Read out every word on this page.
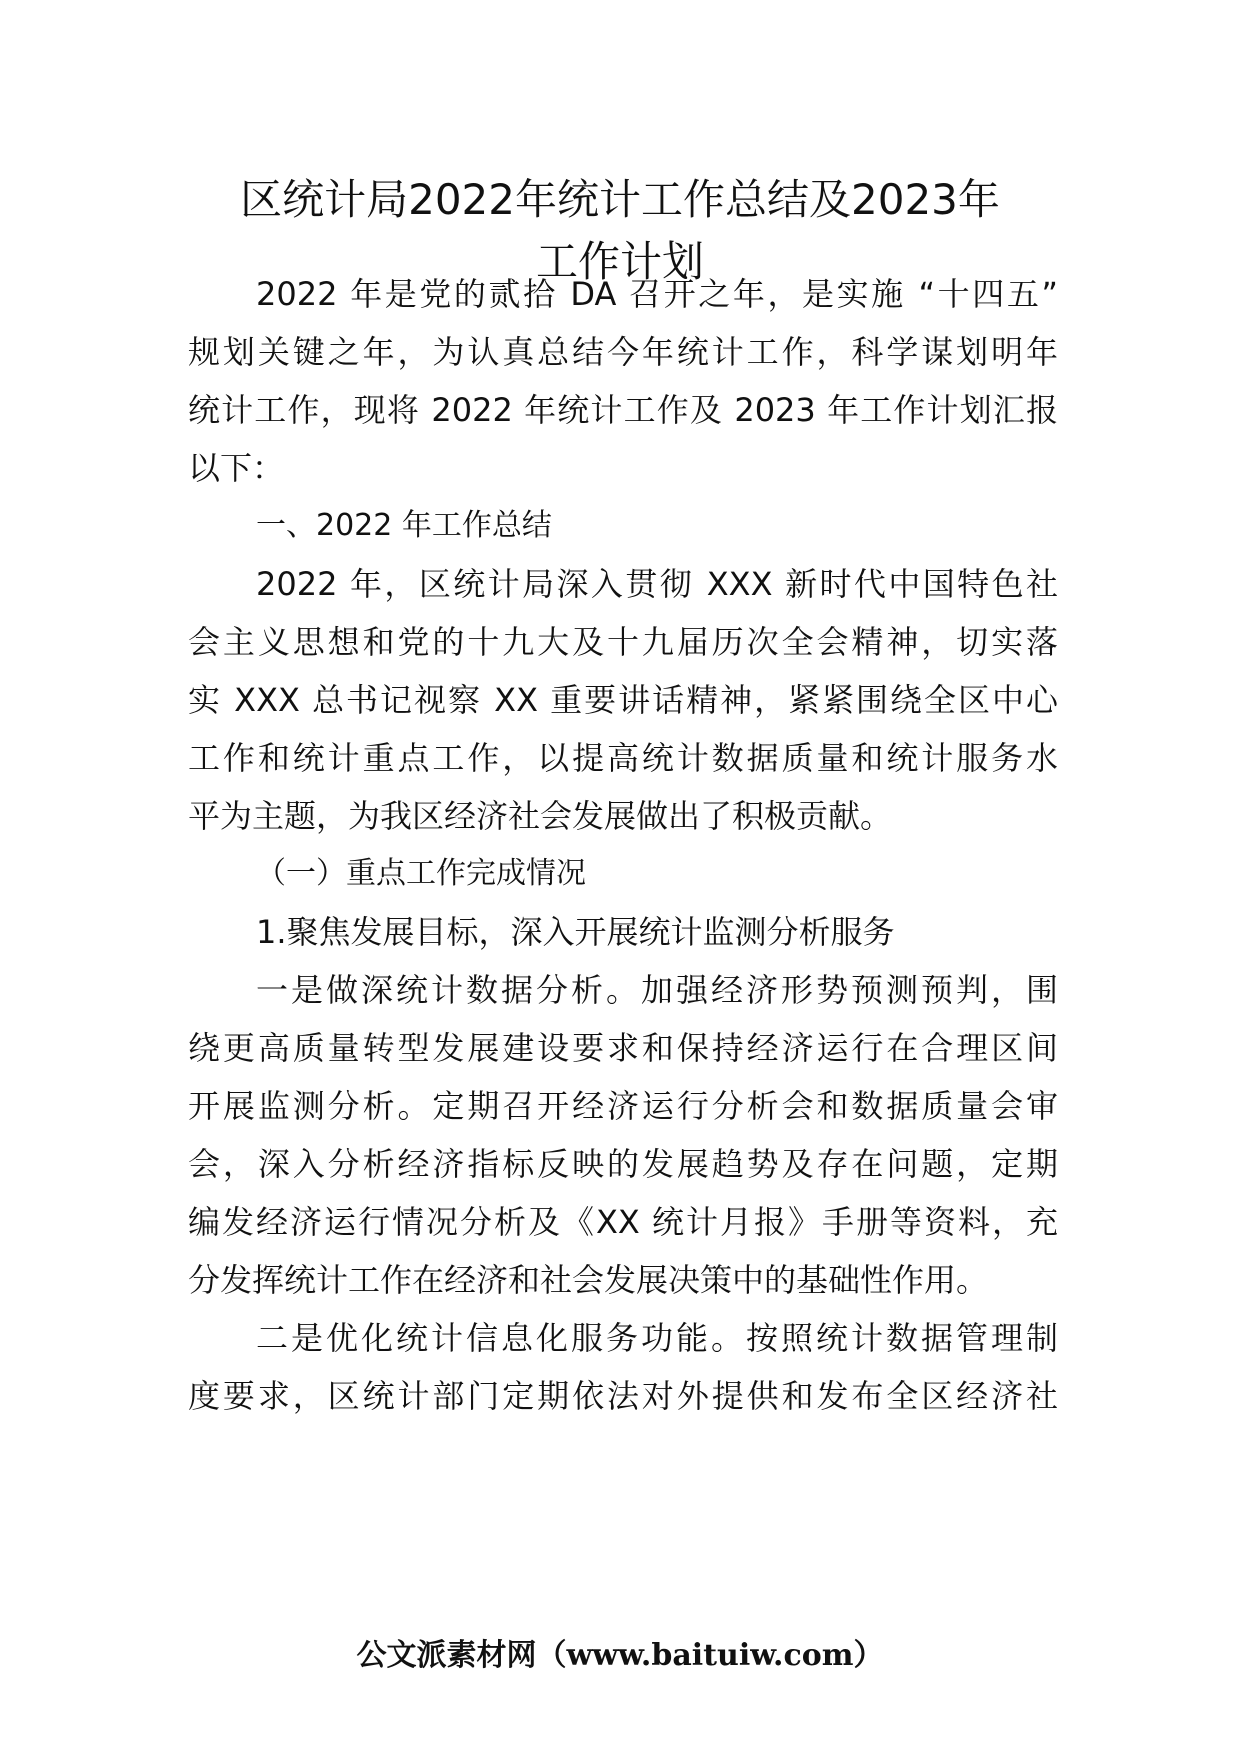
区统计局2022年统计工作总结及2023年
工作计划

2022 年是党的贰拾 DA 召开之年，是实施 “十四五”

规划关键之年，为认真总结今年统计工作，科学谋划明年

统计工作，现将 2022 年统计工作及 2023 年工作计划汇报

以下：

一、2022 年工作总结

2022 年，区统计局深入贯彻 XXX 新时代中国特色社

会主义思想和党的十九大及十九届历次全会精神，切实落

实 XXX 总书记视察 XX 重要讲话精神，紧紧围绕全区中心

工作和统计重点工作，以提高统计数据质量和统计服务水

平为主题，为我区经济社会发展做出了积极贡献。

（一）重点工作完成情况

1.聚焦发展目标，深入开展统计监测分析服务

一是做深统计数据分析。加强经济形势预测预判，围

绕更高质量转型发展建设要求和保持经济运行在合理区间

开展监测分析。定期召开经济运行分析会和数据质量会审

会，深入分析经济指标反映的发展趋势及存在问题，定期

编发经济运行情况分析及《XX 统计月报》手册等资料，充

分发挥统计工作在经济和社会发展决策中的基础性作用。

二是优化统计信息化服务功能。按照统计数据管理制

度要求，区统计部门定期依法对外提供和发布全区经济社

公文派素材网（www.baituiw.com）
